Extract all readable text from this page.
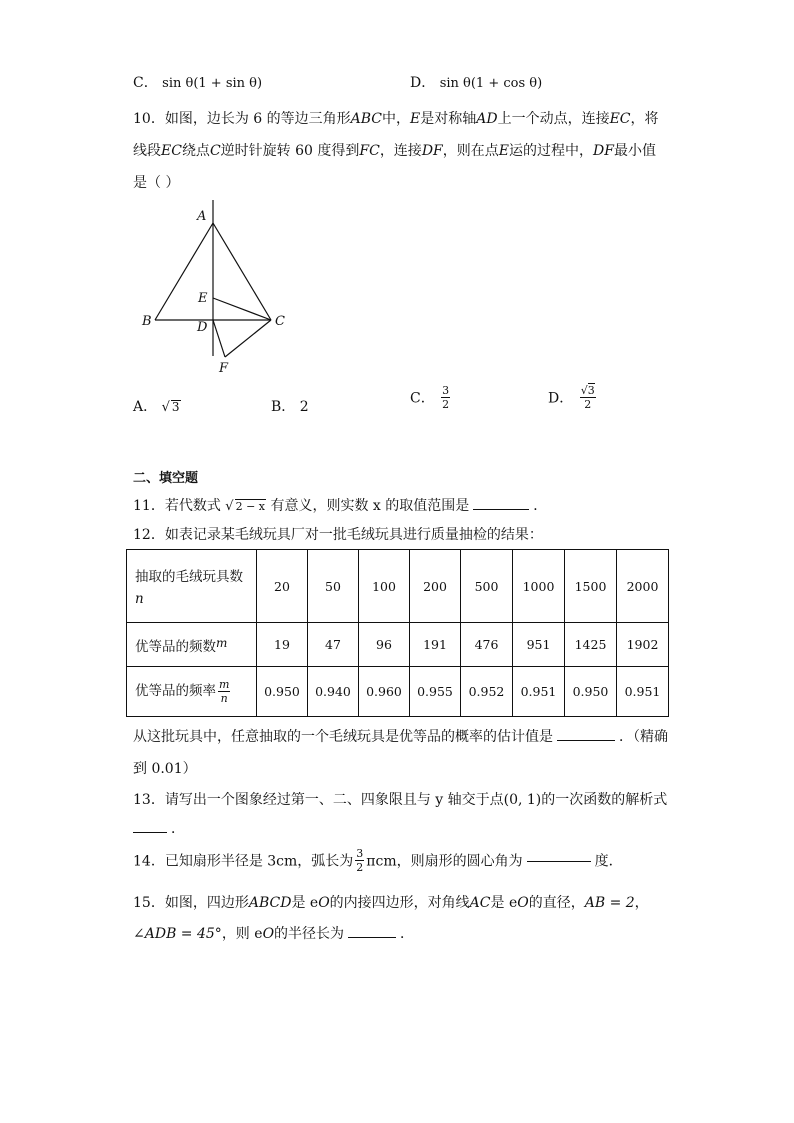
C． sin θ(1 + sin θ)	D． sin θ(1 + cos θ)
10．如图，边长为 6 的等边三角形ABC中，E是对称轴AD上一个动点，连接EC，将
线段EC绕点C逆时针旋转 60 度得到FC，连接DF，则在点E运的过程中，DF最小值
是（ ）
A
B	C
D
E
F
A． √ 3	B． 2
C． $\frac{3}{2}$	D． $\frac{√3}{2}$
二、填空题
11．若代数式 √ 2 − x 有意义，则实数 x 的取值范围是	．
12．如表记录某毛绒玩具厂对一批毛绒玩具进行质量抽检的结果：
抽取的毛绒玩具数
n	20	50	100	200	500	1000	1500	2000
优等品的频数m	19	47	96	191	476	951	1425	1902
优等品的频率 $\frac{m}{n}$	0.950	0.940	0.960	0.955	0.952	0.951	0.950	0.951
从这批玩具中，任意抽取的一个毛绒玩具是优等品的概率的估计值是	．（精确
到 0.01）
13．请写出一个图象经过第一、二、四象限且与 y 轴交于点(0, 1)的一次函数的解析式
．
14．已知扇形半径是 3cm，弧长为 $\frac{3}{2}$ πcm，则扇形的圆心角为	度．
15．如图，四边形ABCD是 eO的内接四边形，对角线AC是 eO的直径，AB = 2，
∠ADB = 45°，则 eO的半径长为	．
